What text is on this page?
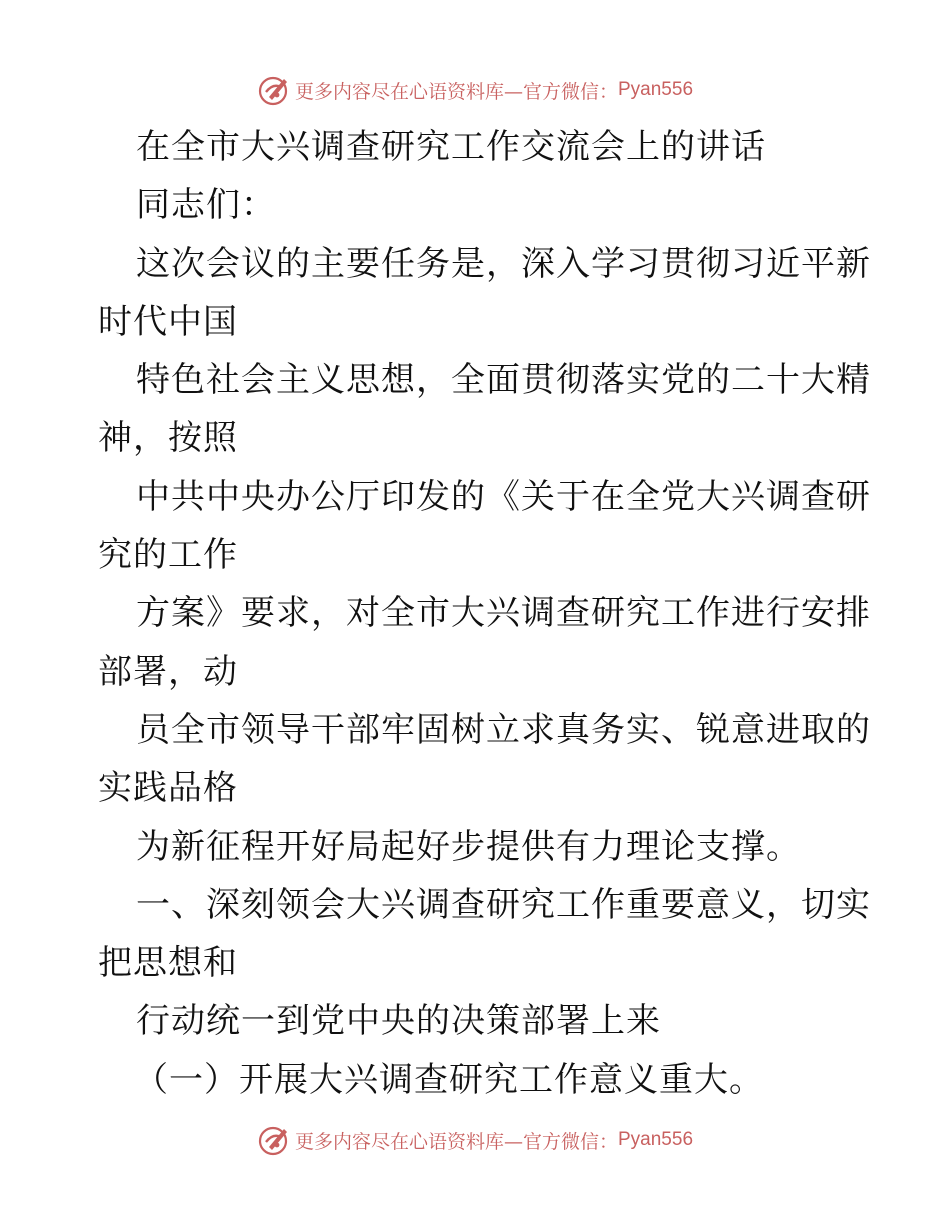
更多内容尽在心语资料库—官方微信： Pyan556
在全市大兴调查研究工作交流会上的讲话
同志们：
这次会议的主要任务是，深入学习贯彻习近平新
时代中国
特色社会主义思想，全面贯彻落实党的二十大精
神，按照
中共中央办公厅印发的《关于在全党大兴调查研
究的工作
方案》要求，对全市大兴调查研究工作进行安排
部署，动
员全市领导干部牢固树立求真务实、锐意进取的
实践品格
为新征程开好局起好步提供有力理论支撑。
一、深刻领会大兴调查研究工作重要意义，切实
把思想和
行动统一到党中央的决策部署上来
（一）开展大兴调查研究工作意义重大。
更多内容尽在心语资料库—官方微信： Pyan556
